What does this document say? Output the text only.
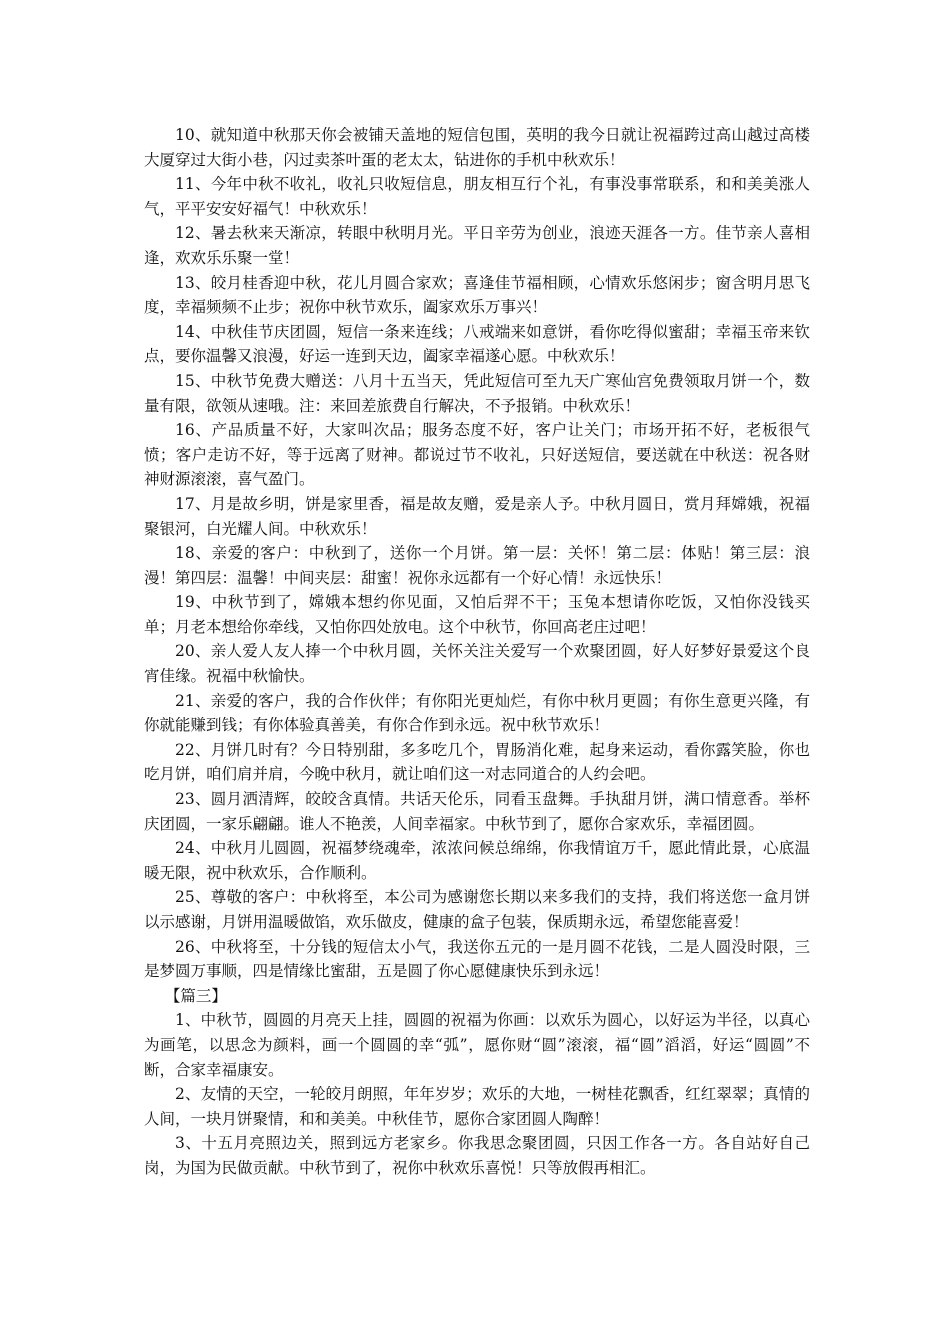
10、就知道中秋那天你会被铺天盖地的短信包围，英明的我今日就让祝福跨过高山越过高楼大厦穿过大街小巷，闪过卖茶叶蛋的老太太，钻进你的手机中秋欢乐！

11、今年中秋不收礼，收礼只收短信息，朋友相互行个礼，有事没事常联系，和和美美涨人气，平平安安好福气！中秋欢乐！

12、暑去秋来天渐凉，转眼中秋明月光。平日辛劳为创业，浪迹天涯各一方。佳节亲人喜相逢，欢欢乐乐聚一堂！

13、皎月桂香迎中秋，花儿月圆合家欢；喜逢佳节福相顾，心情欢乐悠闲步；窗含明月思飞度，幸福频频不止步；祝你中秋节欢乐，阖家欢乐万事兴！

14、中秋佳节庆团圆，短信一条来连线；八戒端来如意饼，看你吃得似蜜甜；幸福玉帝来钦点，要你温馨又浪漫，好运一连到天边，阖家幸福遂心愿。中秋欢乐！

15、中秋节免费大赠送：八月十五当天，凭此短信可至九天广寒仙宫免费领取月饼一个，数量有限，欲领从速哦。注：来回差旅费自行解决，不予报销。中秋欢乐！

16、产品质量不好，大家叫次品；服务态度不好，客户让关门；市场开拓不好，老板很气愤；客户走访不好，等于远离了财神。都说过节不收礼，只好送短信，要送就在中秋送：祝各财神财源滚滚，喜气盈门。

17、月是故乡明，饼是家里香，福是故友赠，爱是亲人予。中秋月圆日，赏月拜嫦娥，祝福聚银河，白光耀人间。中秋欢乐！

18、亲爱的客户：中秋到了，送你一个月饼。第一层：关怀！第二层：体贴！第三层：浪漫！第四层：温馨！中间夹层：甜蜜！祝你永远都有一个好心情！永远快乐！

19、中秋节到了，嫦娥本想约你见面，又怕后羿不干；玉兔本想请你吃饭，又怕你没钱买单；月老本想给你牵线，又怕你四处放电。这个中秋节，你回高老庄过吧！

20、亲人爱人友人捧一个中秋月圆，关怀关注关爱写一个欢聚团圆，好人好梦好景爱这个良宵佳缘。祝福中秋愉快。

21、亲爱的客户，我的合作伙伴；有你阳光更灿烂，有你中秋月更圆；有你生意更兴隆，有你就能赚到钱；有你体验真善美，有你合作到永远。祝中秋节欢乐！

22、月饼几时有？今日特别甜，多多吃几个，胃肠消化难，起身来运动，看你露笑脸，你也吃月饼，咱们肩并肩，今晚中秋月，就让咱们这一对志同道合的人约会吧。

23、圆月洒清辉，皎皎含真情。共话天伦乐，同看玉盘舞。手执甜月饼，满口情意香。举杯庆团圆，一家乐翩翩。谁人不艳羡，人间幸福家。中秋节到了，愿你合家欢乐，幸福团圆。

24、中秋月儿圆圆，祝福梦绕魂牵，浓浓问候总绵绵，你我情谊万千，愿此情此景，心底温暖无限，祝中秋欢乐，合作顺利。

25、尊敬的客户：中秋将至，本公司为感谢您长期以来多我们的支持，我们将送您一盒月饼以示感谢，月饼用温暖做馅，欢乐做皮，健康的盒子包装，保质期永远，希望您能喜爱！

26、中秋将至，十分钱的短信太小气，我送你五元的一是月圆不花钱，二是人圆没时限，三是梦圆万事顺，四是情缘比蜜甜，五是圆了你心愿健康快乐到永远！

【篇三】

1、中秋节，圆圆的月亮天上挂，圆圆的祝福为你画：以欢乐为圆心，以好运为半径，以真心为画笔，以思念为颜料，画一个圆圆的幸“弧”，愿你财“圆”滚滚，福“圆”滔滔，好运“圆圆”不断，合家幸福康安。

2、友情的天空，一轮皎月朗照，年年岁岁；欢乐的大地，一树桂花飘香，红红翠翠；真情的人间，一块月饼聚情，和和美美。中秋佳节，愿你合家团圆人陶醉！

3、十五月亮照边关，照到远方老家乡。你我思念聚团圆，只因工作各一方。各自站好自己岗，为国为民做贡献。中秋节到了，祝你中秋欢乐喜悦！只等放假再相汇。
